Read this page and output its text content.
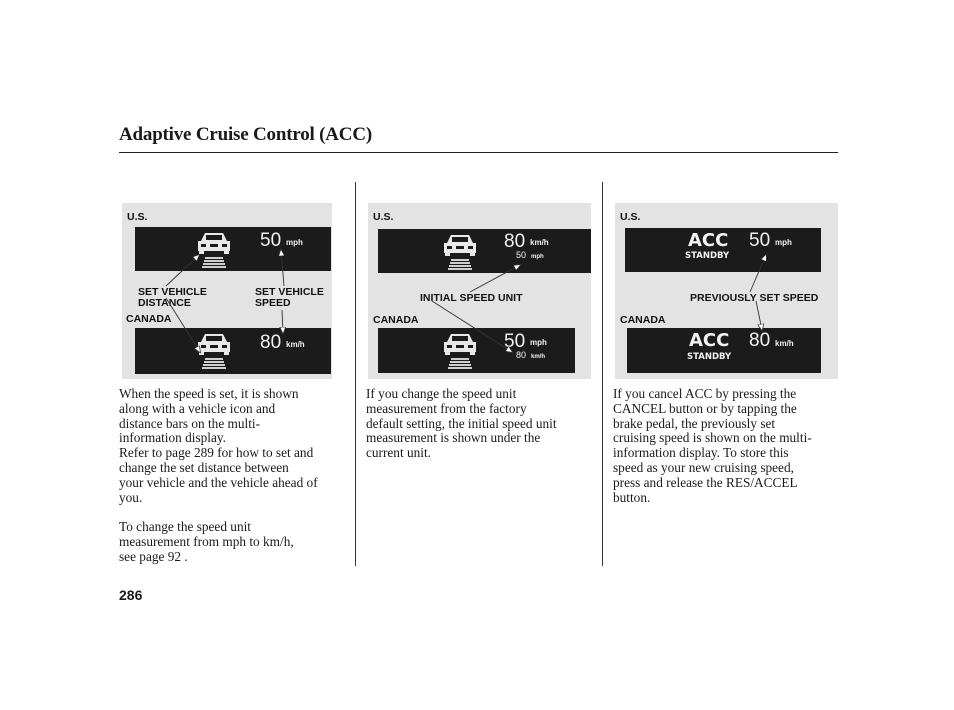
Adaptive Cruise Control (ACC)
U.S.
50 mph
SET VEHICLE
DISTANCE
SET VEHICLE
SPEED
CANADA
80 km/h
U.S.
80 km/h
50 mph
INITIAL SPEED UNIT
CANADA
50 mph
80 km/h
U.S.
ACC
STANDBY
50 mph
PREVIOUSLY SET SPEED
CANADA
ACC
STANDBY
80 km/h
When the speed is set, it is shown
along with a vehicle icon and
distance bars on the multi-
information display.
Refer to page 289 for how to set and
change the set distance between
your vehicle and the vehicle ahead of
you.

To change the speed unit
measurement from mph to km/h,
see page 92 .
If you change the speed unit
measurement from the factory
default setting, the initial speed unit
measurement is shown under the
current unit.
If you cancel ACC by pressing the
CANCEL button or by tapping the
brake pedal, the previously set
cruising speed is shown on the multi-
information display. To store this
speed as your new cruising speed,
press and release the RES/ACCEL
button.
286
